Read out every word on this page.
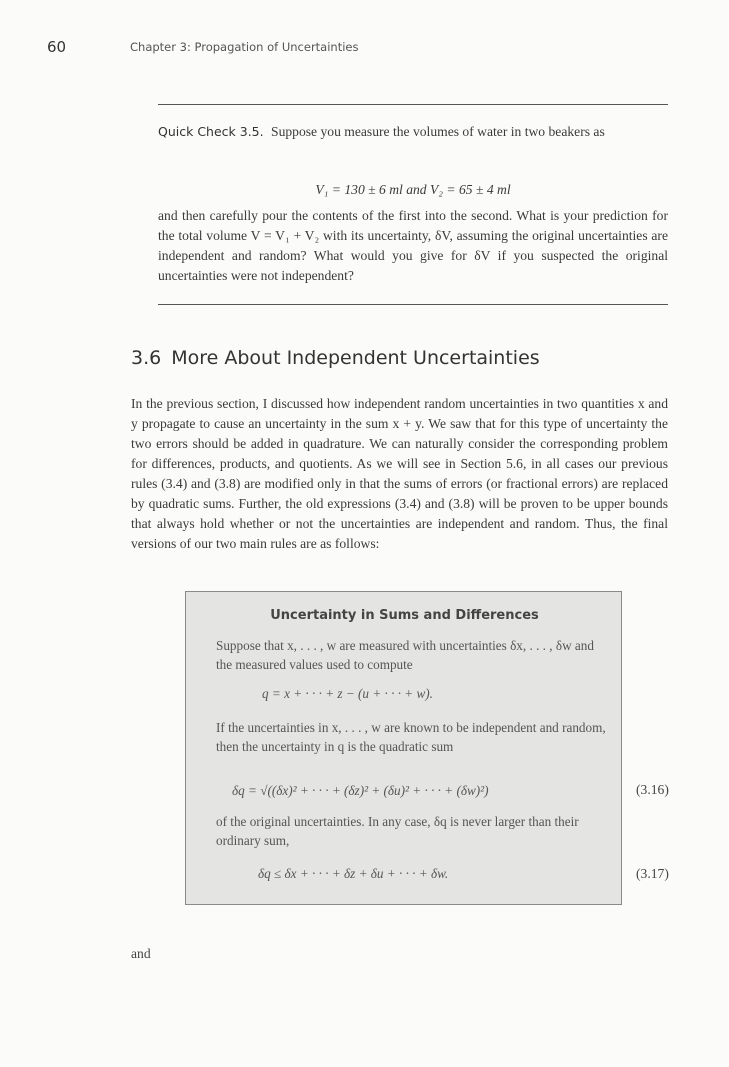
60	Chapter 3: Propagation of Uncertainties
Quick Check 3.5. Suppose you measure the volumes of water in two beakers as
V₁ = 130 ± 6 ml and V₂ = 65 ± 4 ml
and then carefully pour the contents of the first into the second. What is your prediction for the total volume V = V₁ + V₂ with its uncertainty, δV, assuming the original uncertainties are independent and random? What would you give for δV if you suspected the original uncertainties were not independent?
3.6 More About Independent Uncertainties
In the previous section, I discussed how independent random uncertainties in two quantities x and y propagate to cause an uncertainty in the sum x + y. We saw that for this type of uncertainty the two errors should be added in quadrature. We can naturally consider the corresponding problem for differences, products, and quotients. As we will see in Section 5.6, in all cases our previous rules (3.4) and (3.8) are modified only in that the sums of errors (or fractional errors) are replaced by quadratic sums. Further, the old expressions (3.4) and (3.8) will be proven to be upper bounds that always hold whether or not the uncertainties are independent and random. Thus, the final versions of our two main rules are as follows:
Uncertainty in Sums and Differences
Suppose that x, . . . , w are measured with uncertainties δx, . . . , δw and the measured values used to compute
q = x + · · · + z − (u + · · · + w).
If the uncertainties in x, . . . , w are known to be independent and random, then the uncertainty in q is the quadratic sum
δq = √((δx)² + · · · + (δz)² + (δu)² + · · · + (δw)²)
of the original uncertainties. In any case, δq is never larger than their ordinary sum,
δq ≤ δx + · · · + δz + δu + · · · + δw.
(3.16)
(3.17)
and
